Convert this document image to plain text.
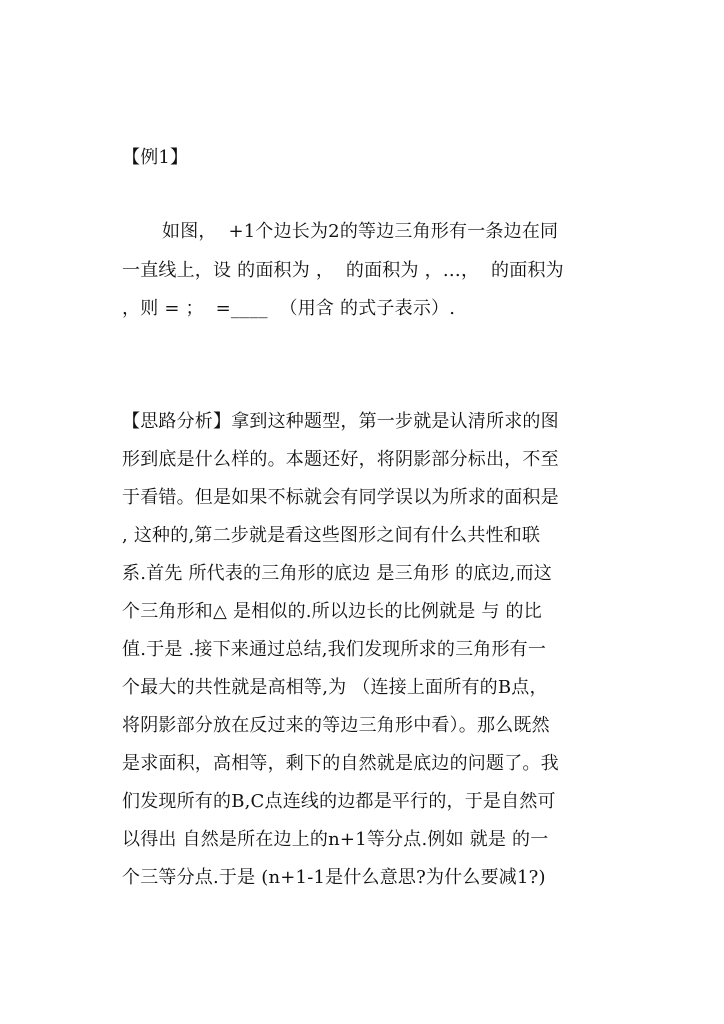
【例1】
如图，  +1个边长为2的等边三角形有一条边在同
一直线上，设 的面积为 ，  的面积为 ，…，  的面积为
，则 = ；  =____  （用含 的式子表示）.
【思路分析】拿到这种题型，第一步就是认清所求的图
形到底是什么样的。本题还好，将阴影部分标出，不至
于看错。但是如果不标就会有同学误以为所求的面积是
, 这种的,第二步就是看这些图形之间有什么共性和联
系.首先 所代表的三角形的底边 是三角形 的底边,而这
个三角形和△ 是相似的.所以边长的比例就是 与 的比
值.于是 .接下来通过总结,我们发现所求的三角形有一
个最大的共性就是高相等,为 （连接上面所有的B点，
将阴影部分放在反过来的等边三角形中看）。那么既然
是求面积，高相等，剩下的自然就是底边的问题了。我
们发现所有的B,C点连线的边都是平行的，于是自然可
以得出 自然是所在边上的n+1等分点.例如 就是 的一
个三等分点.于是 (n+1-1是什么意思?为什么要减1?)
